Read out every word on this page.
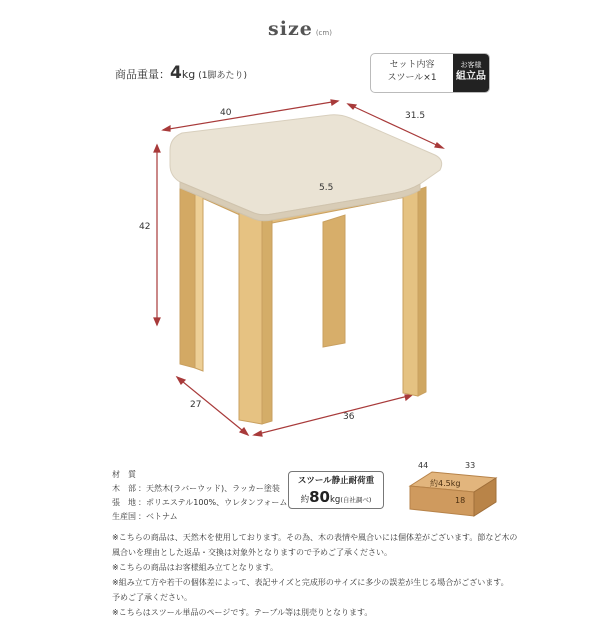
size (cm)
商品重量：4kg (1脚あたり)
セット内容
スツール×1
お客様
組立品
40	31.5
42
5.5
27
36
材　質
木　部 ：天然木(ラバーウッド)、ラッカー塗装
張　地 ：ポリエステル100%、ウレタンフォーム
生産国 ：ベトナム
スツール静止耐荷重
約80kg(自社調べ)
44	33
約4.5kg
18
※こちらの商品は、天然木を使用しております。その為、木の表情や風合いには個体差がございます。節など木の
風合いを理由とした返品・交換は対象外となりますので予めご了承ください。
※こちらの商品はお客様組み立てとなります。
※組み立て方や若干の個体差によって、表記サイズと完成形のサイズに多少の誤差が生じる場合がございます。
予めご了承ください。
※こちらはスツール単品のページです。テーブル等は別売りとなります。
